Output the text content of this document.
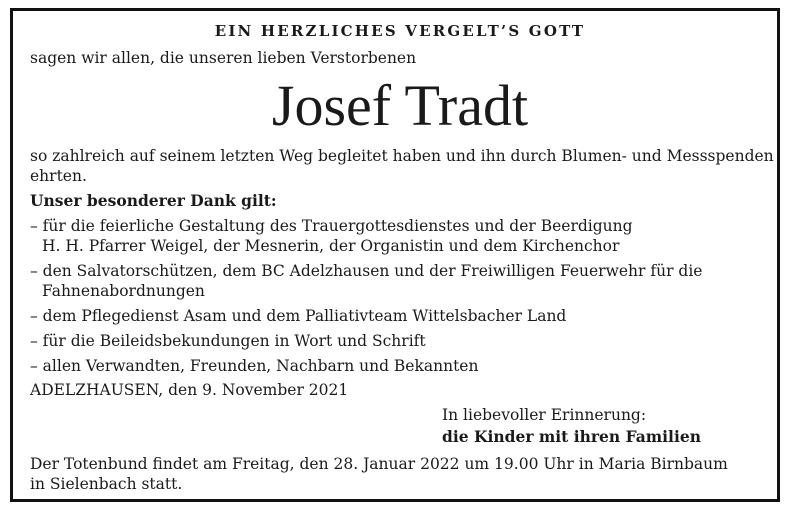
EIN HERZLICHES VERGELT’S GOTT
sagen wir allen, die unseren lieben Verstorbenen
Josef Tradt
so zahlreich auf seinem letzten Weg begleitet haben und ihn durch Blumen- und Messspenden
ehrten.
Unser besonderer Dank gilt:
– für die feierliche Gestaltung des Trauergottesdienstes und der Beerdigung
H. H. Pfarrer Weigel, der Mesnerin, der Organistin und dem Kirchenchor
– den Salvatorschützen, dem BC Adelzhausen und der Freiwilligen Feuerwehr für die
Fahnenabordnungen
– dem Pflegedienst Asam und dem Palliativteam Wittelsbacher Land
– für die Beileidsbekundungen in Wort und Schrift
– allen Verwandten, Freunden, Nachbarn und Bekannten
ADELZHAUSEN, den 9. November 2021
In liebevoller Erinnerung:
die Kinder mit ihren Familien
Der Totenbund findet am Freitag, den 28. Januar 2022 um 19.00 Uhr in Maria Birnbaum
in Sielenbach statt.
